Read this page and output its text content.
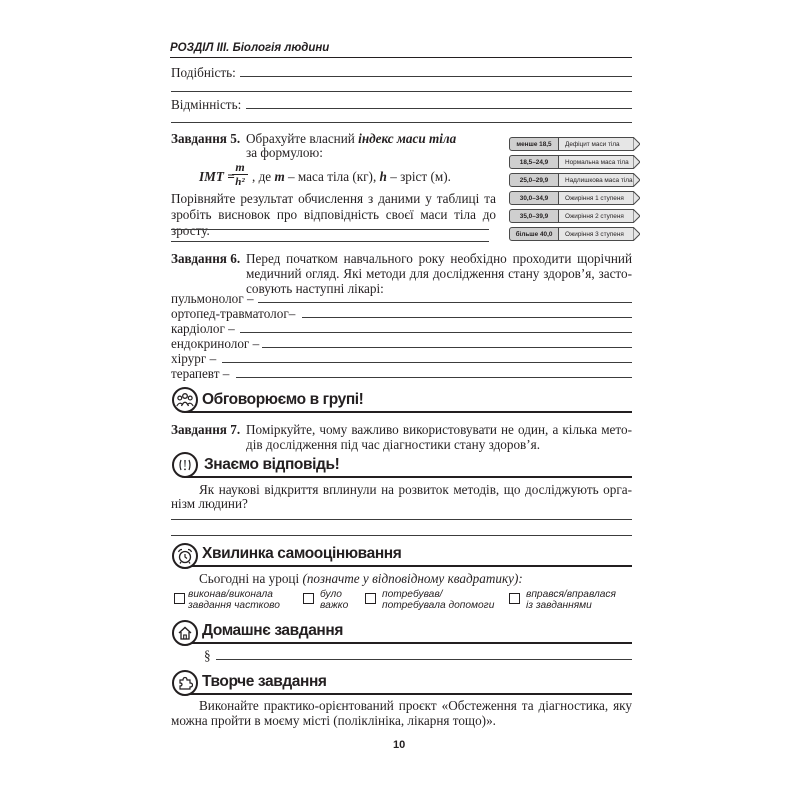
РОЗДІЛ ІІІ. Біологія людини
Подібність:
Відмінність:
Завдання 5. Обрахуйте власний індекс маси тіла
за формулою:
ІМТ =
m
h² , де m – маса тіла (кг), h – зріст (м).
Порівняйте результат обчислення з даними у таблиці та зробіть висновок про відповідність своєї маси тіла до зросту.
менше 18,5	Дефіцит маси тіла
18,5–24,9	Нормальна маса тіла
25,0–29,9	Надлишкова маса тіла
30,0–34,9	Ожиріння 1 ступеня
35,0–39,9	Ожиріння 2 ступеня
більше 40,0	Ожиріння 3 ступеня
Завдання 6. Перед початком навчального року необхідно проходити щорічний
медичний огляд. Які методи для дослідження стану здоров’я, засто-
совують наступні лікарі:
пульмонолог –
ортопед-травматолог–
кардіолог –
ендокринолог –
хірург –
терапевт –
Обговорюємо в групі!
Завдання 7. Поміркуйте, чому важливо використовувати не один, а кілька мето-
дів дослідження під час діагностики стану здоров’я.
Знаємо відповідь!
Як наукові відкриття вплинули на розвиток методів, що досліджують орга-
нізм людини?
Хвилинка самооцінювання
Сьогодні на уроці (позначте у відповідному квадратику):
виконав/виконала
завдання частково
було
важко
потребував/
потребувала допомоги
вправся/вправлася
із завданнями
Домашнє завдання
§
Творче завдання
Виконайте практико-орієнтований проєкт «Обстеження та діагностика, яку
можна пройти в моєму місті (поліклініка, лікарня тощо)».
10
